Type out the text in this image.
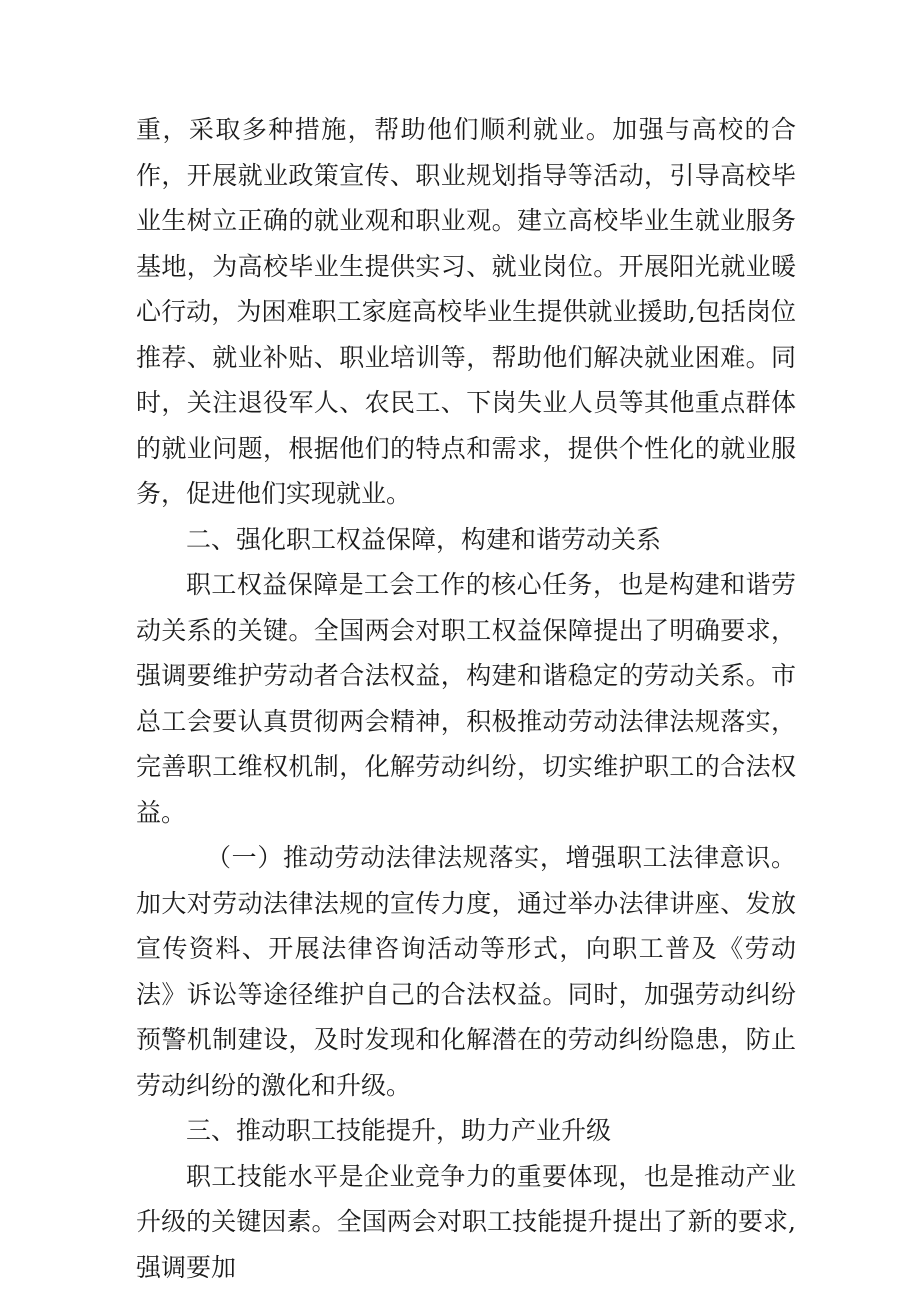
重，采取多种措施，帮助他们顺利就业。加强与高校的合作，开展就业政策宣传、职业规划指导等活动，引导高校毕业生树立正确的就业观和职业观。建立高校毕业生就业服务基地，为高校毕业生提供实习、就业岗位。开展阳光就业暖心行动，为困难职工家庭高校毕业生提供就业援助,包括岗位推荐、就业补贴、职业培训等，帮助他们解决就业困难。同时，关注退役军人、农民工、下岗失业人员等其他重点群体的就业问题，根据他们的特点和需求，提供个性化的就业服务，促进他们实现就业。

二、强化职工权益保障，构建和谐劳动关系

职工权益保障是工会工作的核心任务，也是构建和谐劳动关系的关键。全国两会对职工权益保障提出了明确要求，强调要维护劳动者合法权益，构建和谐稳定的劳动关系。市总工会要认真贯彻两会精神，积极推动劳动法律法规落实，完善职工维权机制，化解劳动纠纷，切实维护职工的合法权益。

（一）推动劳动法律法规落实，增强职工法律意识。加大对劳动法律法规的宣传力度，通过举办法律讲座、发放宣传资料、开展法律咨询活动等形式，向职工普及《劳动法》诉讼等途径维护自己的合法权益。同时，加强劳动纠纷预警机制建设，及时发现和化解潜在的劳动纠纷隐患，防止劳动纠纷的激化和升级。

三、推动职工技能提升，助力产业升级

职工技能水平是企业竞争力的重要体现，也是推动产业升级的关键因素。全国两会对职工技能提升提出了新的要求,强调要加
